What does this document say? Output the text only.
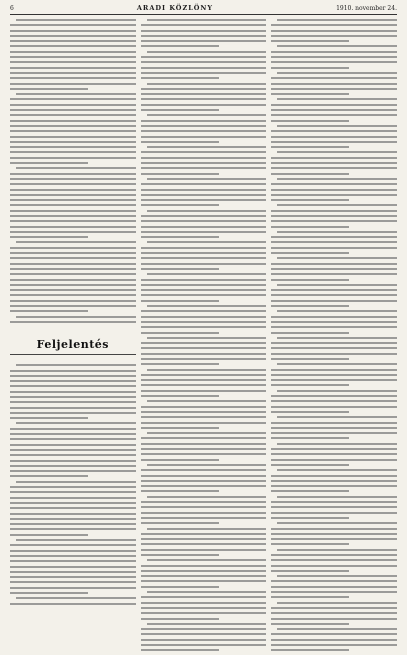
6	ARADI KÖZLÖNY	1910. november 24.
Feljelentés
